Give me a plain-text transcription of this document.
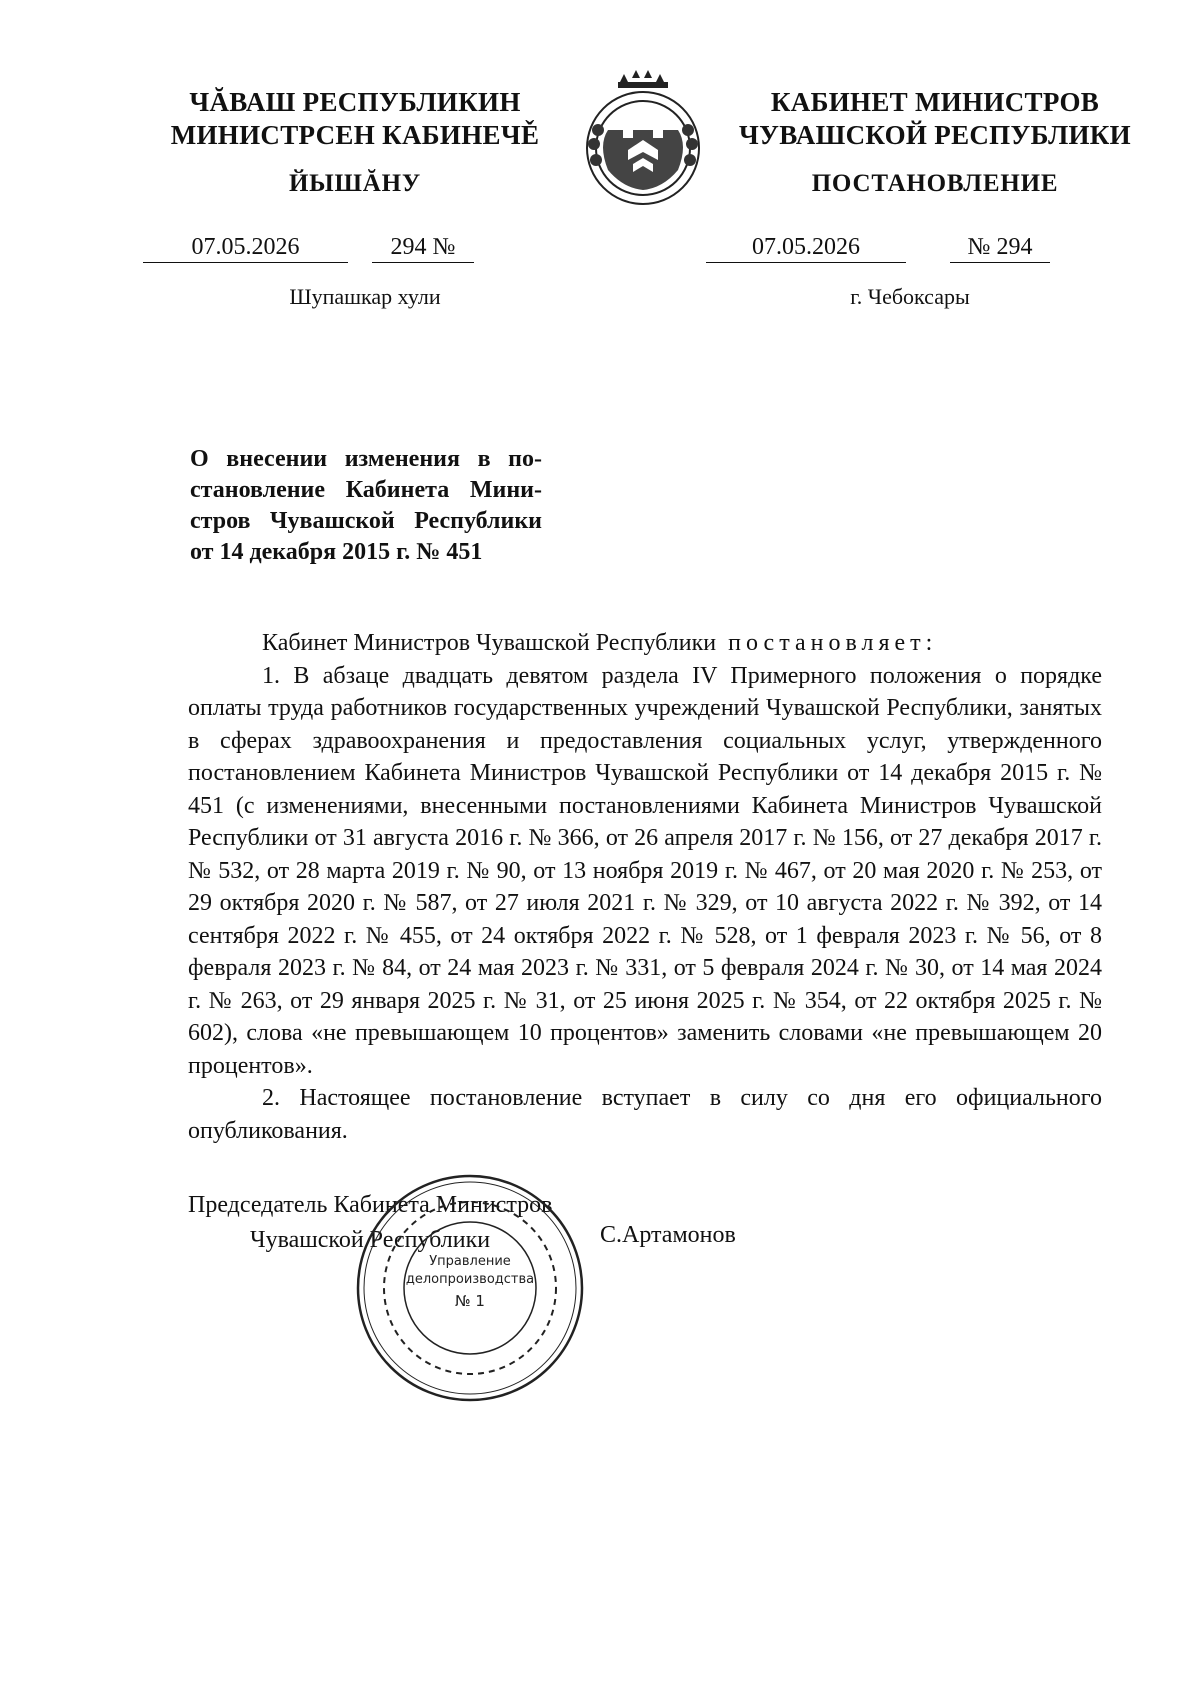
ЧĂВАШ РЕСПУБЛИКИН
МИНИСТРСЕН КАБИНЕЧĚ
ЙЫШĂНУ
КАБИНЕТ МИНИСТРОВ
ЧУВАШСКОЙ РЕСПУБЛИКИ
ПОСТАНОВЛЕНИЕ
07.05.2026	294 №	07.05.2026	№ 294
Шупашкар хули	г. Чебоксары
О внесении изменения в по-
становление Кабинета Мини-
стров Чувашской Республики
от 14 декабря 2015 г. № 451

Кабинет Министров Чувашской Республики постановляет:

1. В абзаце двадцать девятом раздела IV Примерного положения о порядке оплаты труда работников государственных учреждений Чувашской Республики, занятых в сферах здравоохранения и предоставления социальных услуг, утвержденного постановлением Кабинета Министров Чувашской Республики от 14 декабря 2015 г. № 451 (с изменениями, внесенными постановлениями Кабинета Министров Чувашской Республики от 31 августа 2016 г. № 366, от 26 апреля 2017 г. № 156, от 27 декабря 2017 г. № 532, от 28 марта 2019 г. № 90, от 13 ноября 2019 г. № 467, от 20 мая 2020 г. № 253, от 29 октября 2020 г. № 587, от 27 июля 2021 г. № 329, от 10 августа 2022 г. № 392, от 14 сентября 2022 г. № 455, от 24 октября 2022 г. № 528, от 1 февраля 2023 г. № 56, от 8 февраля 2023 г. № 84, от 24 мая 2023 г. № 331, от 5 февраля 2024 г. № 30, от 14 мая 2024 г. № 263, от 29 января 2025 г. № 31, от 25 июня 2025 г. № 354, от 22 октября 2025 г. № 602), слова «не превышающем 10 процентов» заменить словами «не превышающем 20 процентов».

2. Настоящее постановление вступает в силу со дня его официального опубликования.

Председатель Кабинета Министров
Чувашской Республики	С.Артамонов
Управление
делопроизводства
№ 1
